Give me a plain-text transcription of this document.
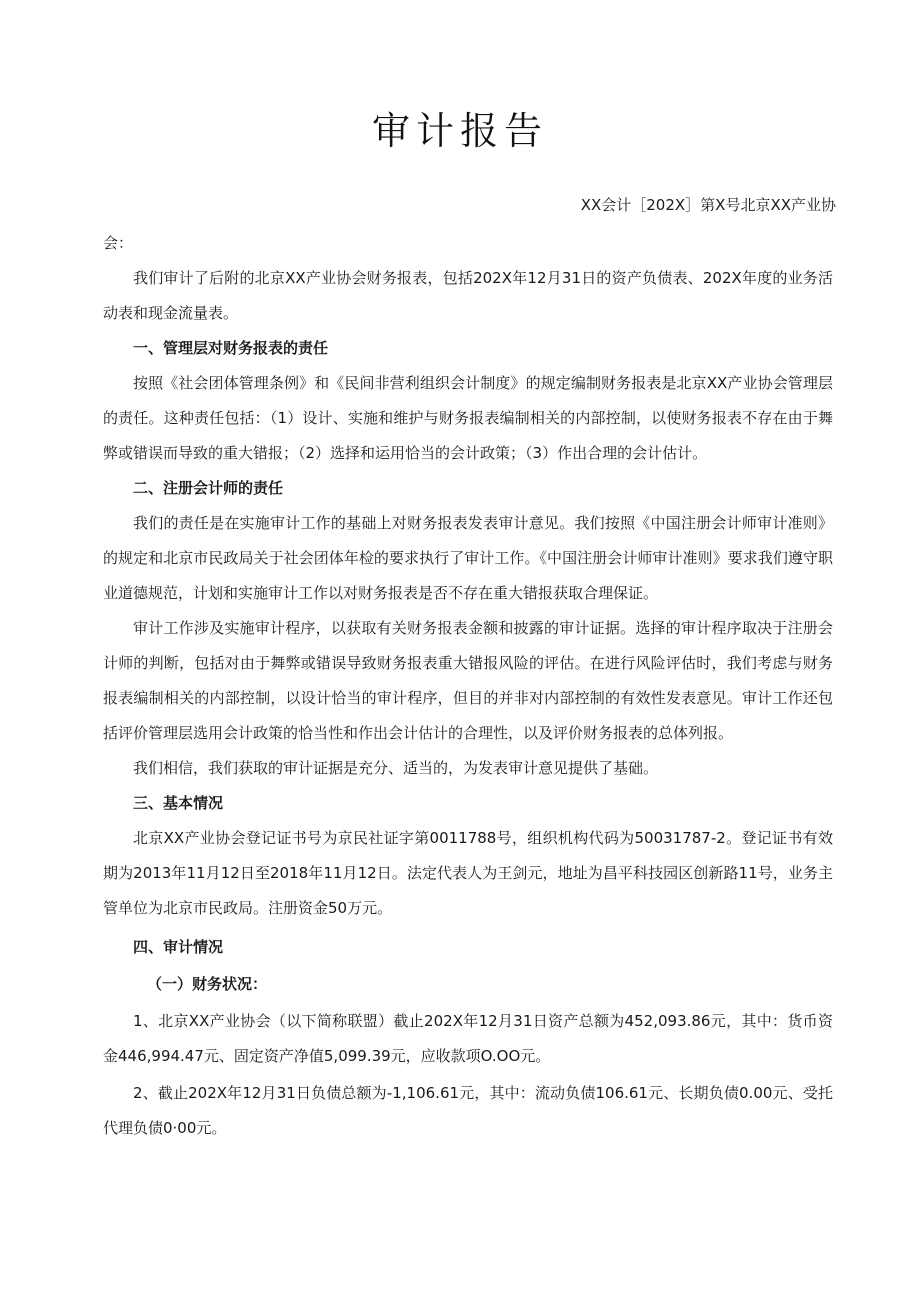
审计报告
XX会计［202X］第X号北京XX产业协

会：

我们审计了后附的北京XX产业协会财务报表，包括202X年12月31日的资产负债表、202X年度的业务活动表和现金流量表。

一、管理层对财务报表的责任

按照《社会团体管理条例》和《民间非营利组织会计制度》的规定编制财务报表是北京XX产业协会管理层的责任。这种责任包括：（1）设计、实施和维护与财务报表编制相关的内部控制，以使财务报表不存在由于舞弊或错误而导致的重大错报；（2）选择和运用恰当的会计政策；（3）作出合理的会计估计。

二、注册会计师的责任

我们的责任是在实施审计工作的基础上对财务报表发表审计意见。我们按照《中国注册会计师审计准则》的规定和北京市民政局关于社会团体年检的要求执行了审计工作。《中国注册会计师审计准则》要求我们遵守职业道德规范，计划和实施审计工作以对财务报表是否不存在重大错报获取合理保证。

审计工作涉及实施审计程序，以获取有关财务报表金额和披露的审计证据。选择的审计程序取决于注册会计师的判断，包括对由于舞弊或错误导致财务报表重大错报风险的评估。在进行风险评估时，我们考虑与财务报表编制相关的内部控制，以设计恰当的审计程序，但目的并非对内部控制的有效性发表意见。审计工作还包括评价管理层选用会计政策的恰当性和作出会计估计的合理性，以及评价财务报表的总体列报。

我们相信，我们获取的审计证据是充分、适当的，为发表审计意见提供了基础。

三、基本情况

北京XX产业协会登记证书号为京民社证字第0011788号，组织机构代码为50031787-2。登记证书有效期为2013年11月12日至2018年11月12日。法定代表人为王剑元，地址为昌平科技园区创新路11号，业务主管单位为北京市民政局。注册资金50万元。

四、审计情况

（一）财务状况：

1、北京XX产业协会（以下简称联盟）截止202X年12月31日资产总额为452,093.86元，其中：货币资金446,994.47元、固定资产净值5,099.39元，应收款项O.OO元。

2、截止202X年12月31日负债总额为-1,106.61元，其中：流动负债106.61元、长期负债0.00元、受托代理负债0·00元。
